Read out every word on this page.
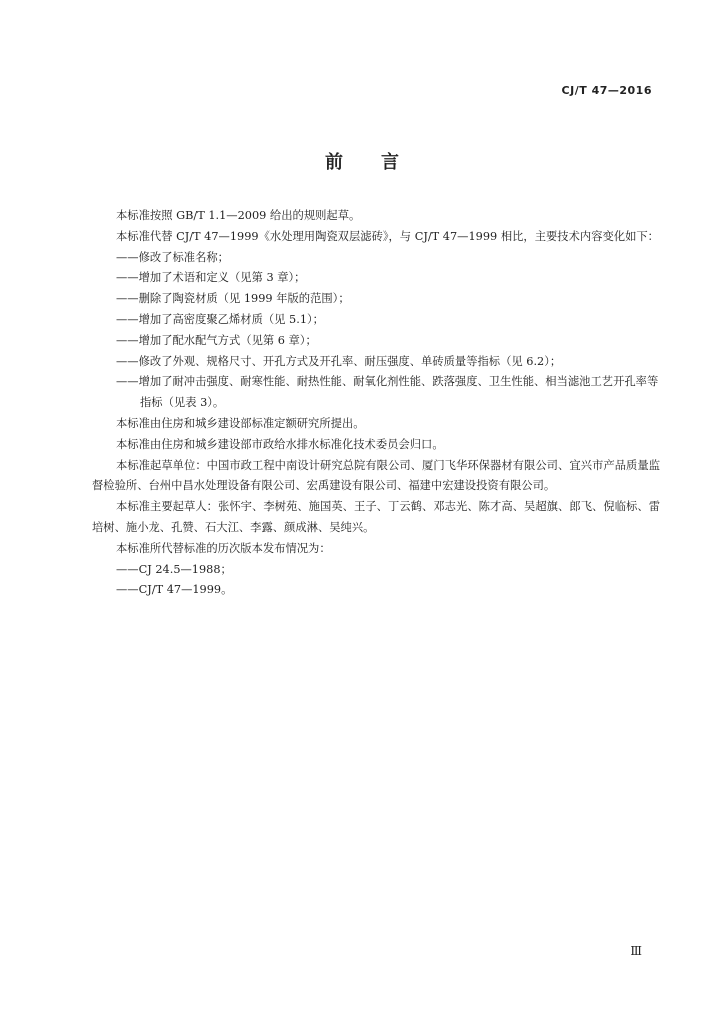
CJ/T 47—2016
前言

本标准按照 GB/T 1.1—2009 给出的规则起草。

本标准代替 CJ/T 47—1999《水处理用陶瓷双层滤砖》，与 CJ/T 47—1999 相比，主要技术内容变化如下：

——修改了标准名称；

——增加了术语和定义（见第 3 章）；

——删除了陶瓷材质（见 1999 年版的范围）；

——增加了高密度聚乙烯材质（见 5.1）；

——增加了配水配气方式（见第 6 章）；

——修改了外观、规格尺寸、开孔方式及开孔率、耐压强度、单砖质量等指标（见 6.2）；

——增加了耐冲击强度、耐寒性能、耐热性能、耐氧化剂性能、跌落强度、卫生性能、相当滤池工艺开孔率等指标（见表 3）。

本标准由住房和城乡建设部标准定额研究所提出。

本标准由住房和城乡建设部市政给水排水标准化技术委员会归口。

本标准起草单位：中国市政工程中南设计研究总院有限公司、厦门飞华环保器材有限公司、宜兴市产品质量监督检验所、台州中昌水处理设备有限公司、宏禹建设有限公司、福建中宏建设投资有限公司。

本标准主要起草人：张怀宇、李树苑、施国英、王子、丁云鹤、邓志光、陈才高、吴超旗、郎飞、倪临标、雷培树、施小龙、孔赞、石大江、李露、颜成淋、吴纯兴。

本标准所代替标准的历次版本发布情况为：

——CJ 24.5—1988；

——CJ/T 47—1999。

Ⅲ
